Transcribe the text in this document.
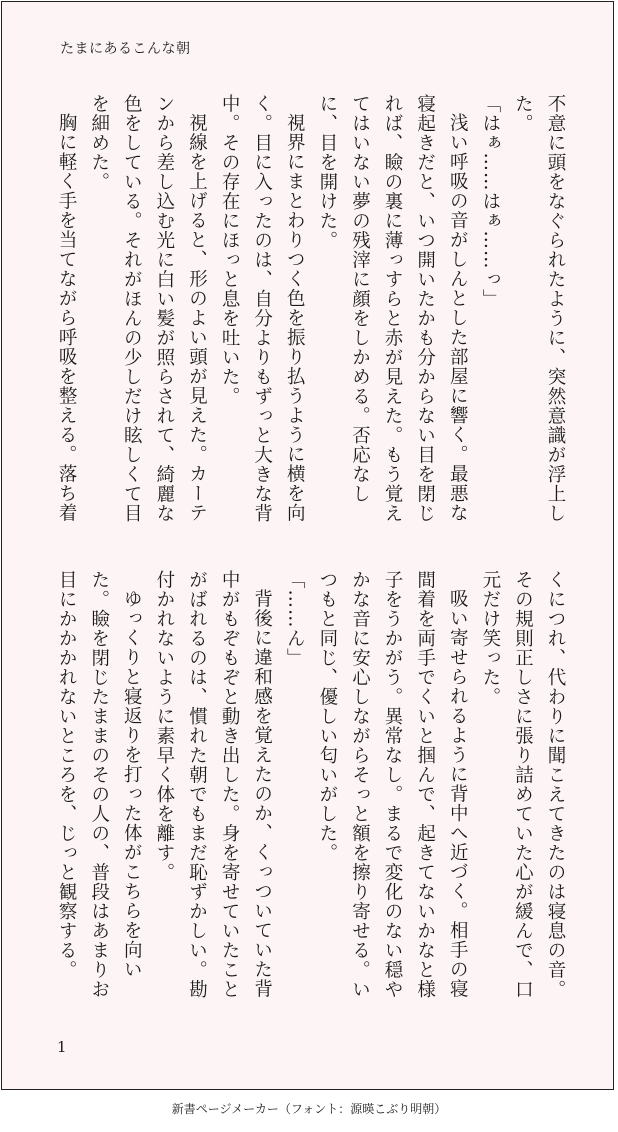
たまにあるこんな朝

不意に頭をなぐられたように、突然意識が浮上した。

「はぁ……はぁ……っ」

浅い呼吸の音がしんとした部屋に響く。最悪な寝起きだと、いつ開いたかも分からない目を閉じれば、瞼の裏に薄っすらと赤が見えた。もう覚えてはいない夢の残滓に顔をしかめる。否応なしに、目を開けた。

視界にまとわりつく色を振り払うように横を向く。目に入ったのは、自分よりもずっと大きな背中。その存在にほっと息を吐いた。

視線を上げると、形のよい頭が見えた。カーテンから差し込む光に白い髪が照らされて、綺麗な色をしている。それがほんの少しだけ眩しくて目を細めた。

胸に軽く手を当てながら呼吸を整える。落ち着

くにつれ、代わりに聞こえてきたのは寝息の音。その規則正しさに張り詰めていた心が緩んで、口元だけ笑った。

吸い寄せられるように背中へ近づく。相手の寝間着を両手でくいと掴んで、起きてないかなと様子をうかがう。異常なし。まるで変化のない穏やかな音に安心しながらそっと額を擦り寄せる。いつもと同じ、優しい匂いがした。

「……ん」

背後に違和感を覚えたのか、くっついていた背中がもぞもぞと動き出した。身を寄せていたことがばれるのは、慣れた朝でもまだ恥ずかしい。勘付かれないように素早く体を離す。

ゆっくりと寝返りを打った体がこちらを向いた。瞼を閉じたままのその人の、普段はあまりお目にかかかれないところを、じっと観察する。

1
新書ページメーカー（フォント：源暎こぶり明朝）
